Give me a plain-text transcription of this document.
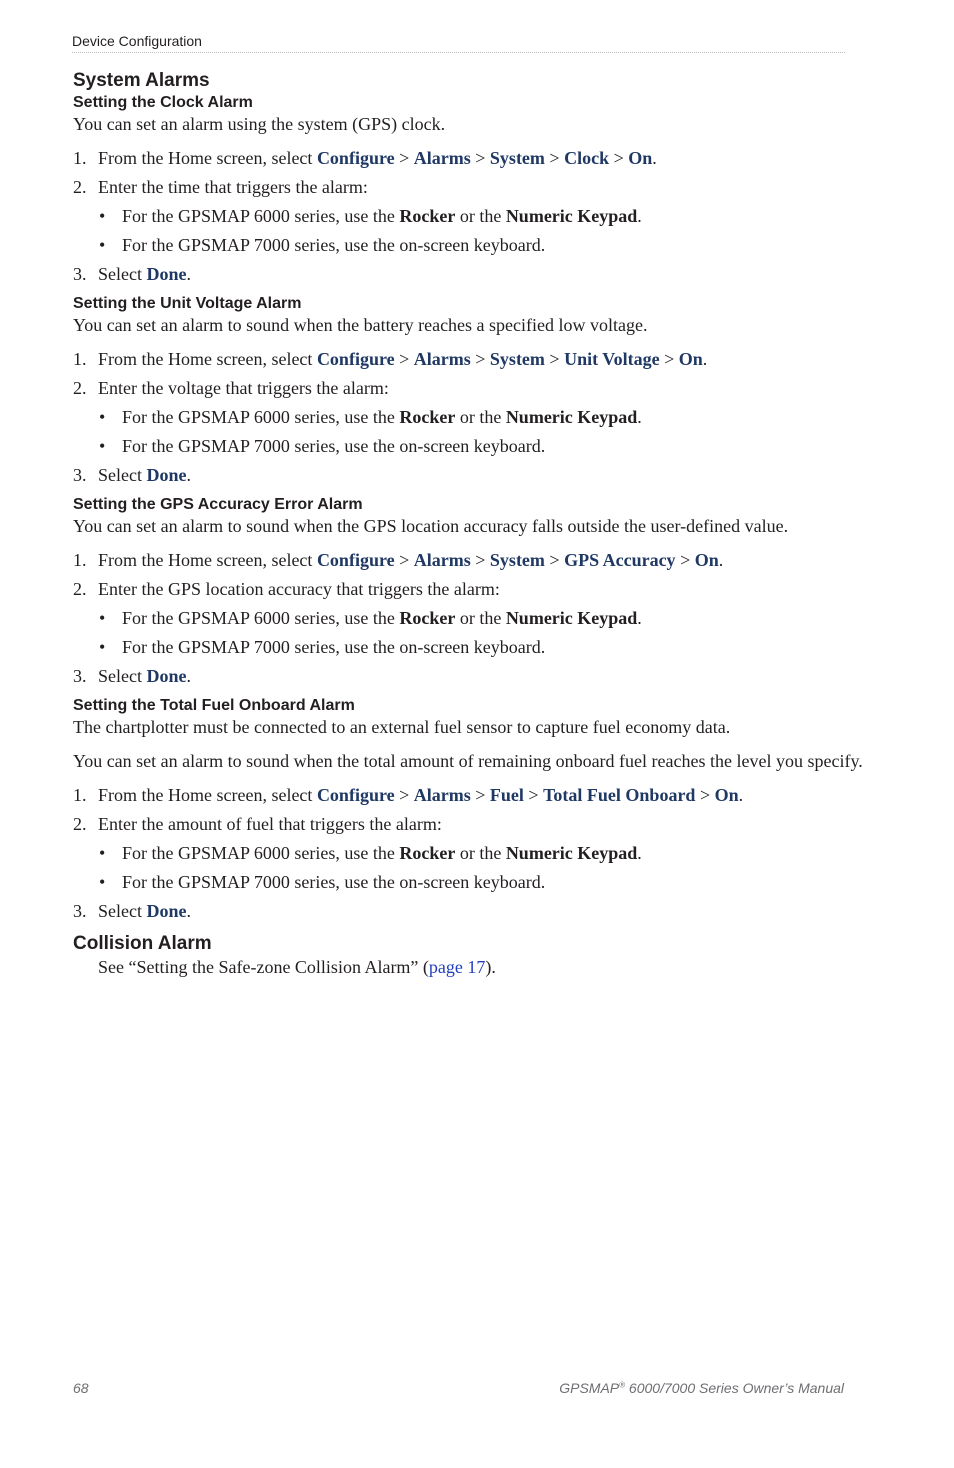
Device Configuration
System Alarms
Setting the Clock Alarm

You can set an alarm using the system (GPS) clock.

1. From the Home screen, select Configure > Alarms > System > Clock > On.
2. Enter the time that triggers the alarm:
• For the GPSMAP 6000 series, use the Rocker or the Numeric Keypad.
• For the GPSMAP 7000 series, use the on-screen keyboard.
3. Select Done.
Setting the Unit Voltage Alarm

You can set an alarm to sound when the battery reaches a specified low voltage.

1. From the Home screen, select Configure > Alarms > System > Unit Voltage > On.
2. Enter the voltage that triggers the alarm:
• For the GPSMAP 6000 series, use the Rocker or the Numeric Keypad.
• For the GPSMAP 7000 series, use the on-screen keyboard.
3. Select Done.
Setting the GPS Accuracy Error Alarm

You can set an alarm to sound when the GPS location accuracy falls outside the user-defined value.

1. From the Home screen, select Configure > Alarms > System > GPS Accuracy > On.
2. Enter the GPS location accuracy that triggers the alarm:
• For the GPSMAP 6000 series, use the Rocker or the Numeric Keypad.
• For the GPSMAP 7000 series, use the on-screen keyboard.
3. Select Done.
Setting the Total Fuel Onboard Alarm

The chartplotter must be connected to an external fuel sensor to capture fuel economy data.

You can set an alarm to sound when the total amount of remaining onboard fuel reaches the level you specify.

1. From the Home screen, select Configure > Alarms > Fuel > Total Fuel Onboard > On.
2. Enter the amount of fuel that triggers the alarm:
• For the GPSMAP 6000 series, use the Rocker or the Numeric Keypad.
• For the GPSMAP 7000 series, use the on-screen keyboard.
3. Select Done.
Collision Alarm

See “Setting the Safe-zone Collision Alarm” (page 17).

68	GPSMAP® 6000/7000 Series Owner’s Manual
